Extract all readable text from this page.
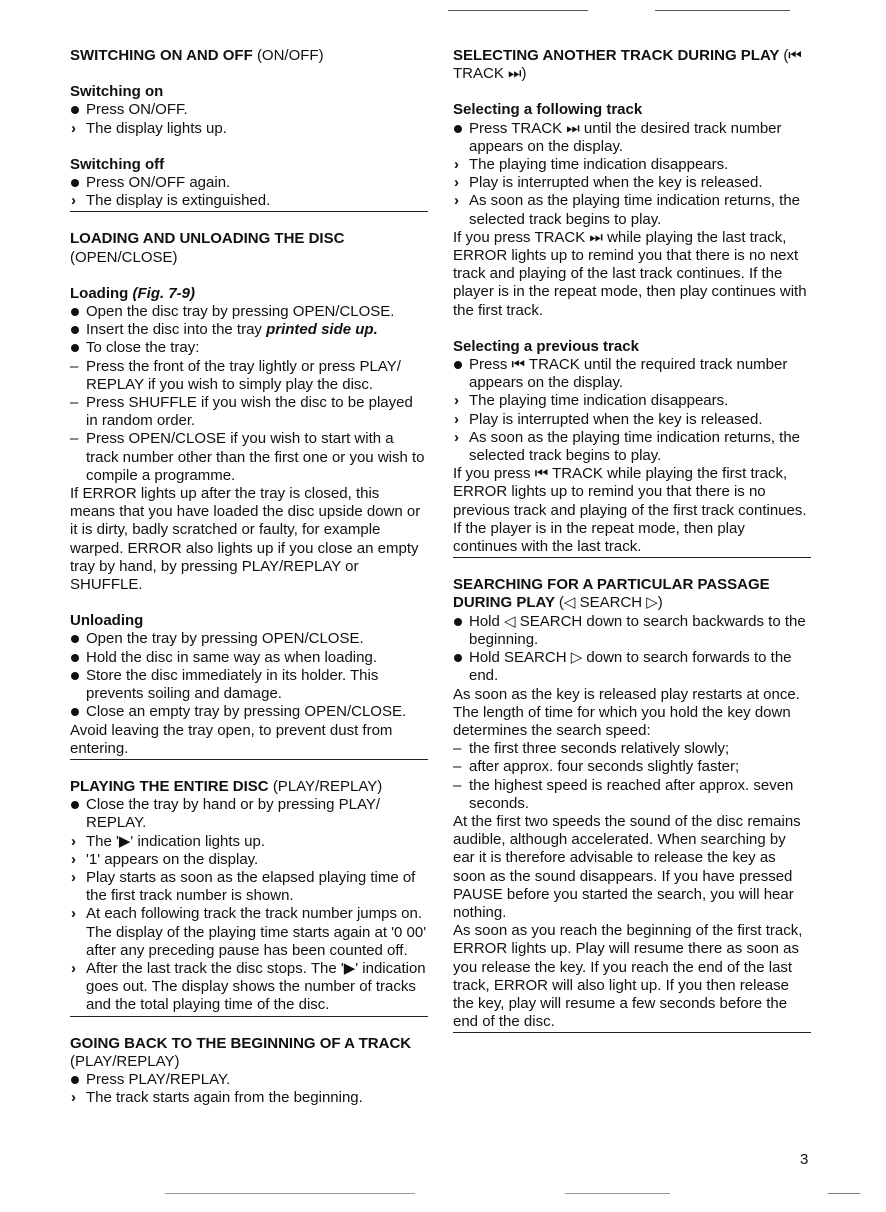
SWITCHING ON AND OFF (ON/OFF)
Switching on
Press ON/OFF.
The display lights up.
Switching off
Press ON/OFF again.
The display is extinguished.
LOADING AND UNLOADING THE DISC (OPEN/CLOSE)
Loading (Fig. 7-9)
Open the disc tray by pressing OPEN/CLOSE.
Insert the disc into the tray printed side up.
To close the tray:
Press the front of the tray lightly or press PLAY/ REPLAY if you wish to simply play the disc.
Press SHUFFLE if you wish the disc to be played in random order.
Press OPEN/CLOSE if you wish to start with a track number other than the first one or you wish to compile a programme.
If ERROR lights up after the tray is closed, this means that you have loaded the disc upside down or it is dirty, badly scratched or faulty, for example warped. ERROR also lights up if you close an empty tray by hand, by pressing PLAY/REPLAY or SHUFFLE.
Unloading
Open the tray by pressing OPEN/CLOSE.
Hold the disc in same way as when loading.
Store the disc immediately in its holder. This prevents soiling and damage.
Close an empty tray by pressing OPEN/CLOSE.
Avoid leaving the tray open, to prevent dust from entering.
PLAYING THE ENTIRE DISC (PLAY/REPLAY)
Close the tray by hand or by pressing PLAY/ REPLAY.
The '▶' indication lights up.
'1' appears on the display.
Play starts as soon as the elapsed playing time of the first track number is shown.
At each following track the track number jumps on. The display of the playing time starts again at '0 00' after any preceding pause has been counted off.
After the last track the disc stops. The '▶' indication goes out. The display shows the number of tracks and the total playing time of the disc.
GOING BACK TO THE BEGINNING OF A TRACK (PLAY/REPLAY)
Press PLAY/REPLAY.
The track starts again from the beginning.
SELECTING ANOTHER TRACK DURING PLAY (⏮ TRACK ⏭)
Selecting a following track
Press TRACK ⏭ until the desired track number appears on the display.
The playing time indication disappears.
Play is interrupted when the key is released.
As soon as the playing time indication returns, the selected track begins to play.
If you press TRACK ⏭ while playing the last track, ERROR lights up to remind you that there is no next track and playing of the last track continues. If the player is in the repeat mode, then play continues with the first track.
Selecting a previous track
Press ⏮ TRACK until the required track number appears on the display.
The playing time indication disappears.
Play is interrupted when the key is released.
As soon as the playing time indication returns, the selected track begins to play.
If you press ⏮ TRACK while playing the first track, ERROR lights up to remind you that there is no previous track and playing of the first track continues. If the player is in the repeat mode, then play continues with the last track.
SEARCHING FOR A PARTICULAR PASSAGE DURING PLAY (◁ SEARCH ▷)
Hold ◁ SEARCH down to search backwards to the beginning.
Hold SEARCH ▷ down to search forwards to the end.
As soon as the key is released play restarts at once. The length of time for which you hold the key down determines the search speed:
the first three seconds relatively slowly;
after approx. four seconds slightly faster;
the highest speed is reached after approx. seven seconds.
At the first two speeds the sound of the disc remains audible, although accelerated. When searching by ear it is therefore advisable to release the key as soon as the sound disappears. If you have pressed PAUSE before you started the search, you will hear nothing.
As soon as you reach the beginning of the first track, ERROR lights up. Play will resume there as soon as you release the key. If you reach the end of the last track, ERROR will also light up. If you then release the key, play will resume a few seconds before the end of the disc.
3
